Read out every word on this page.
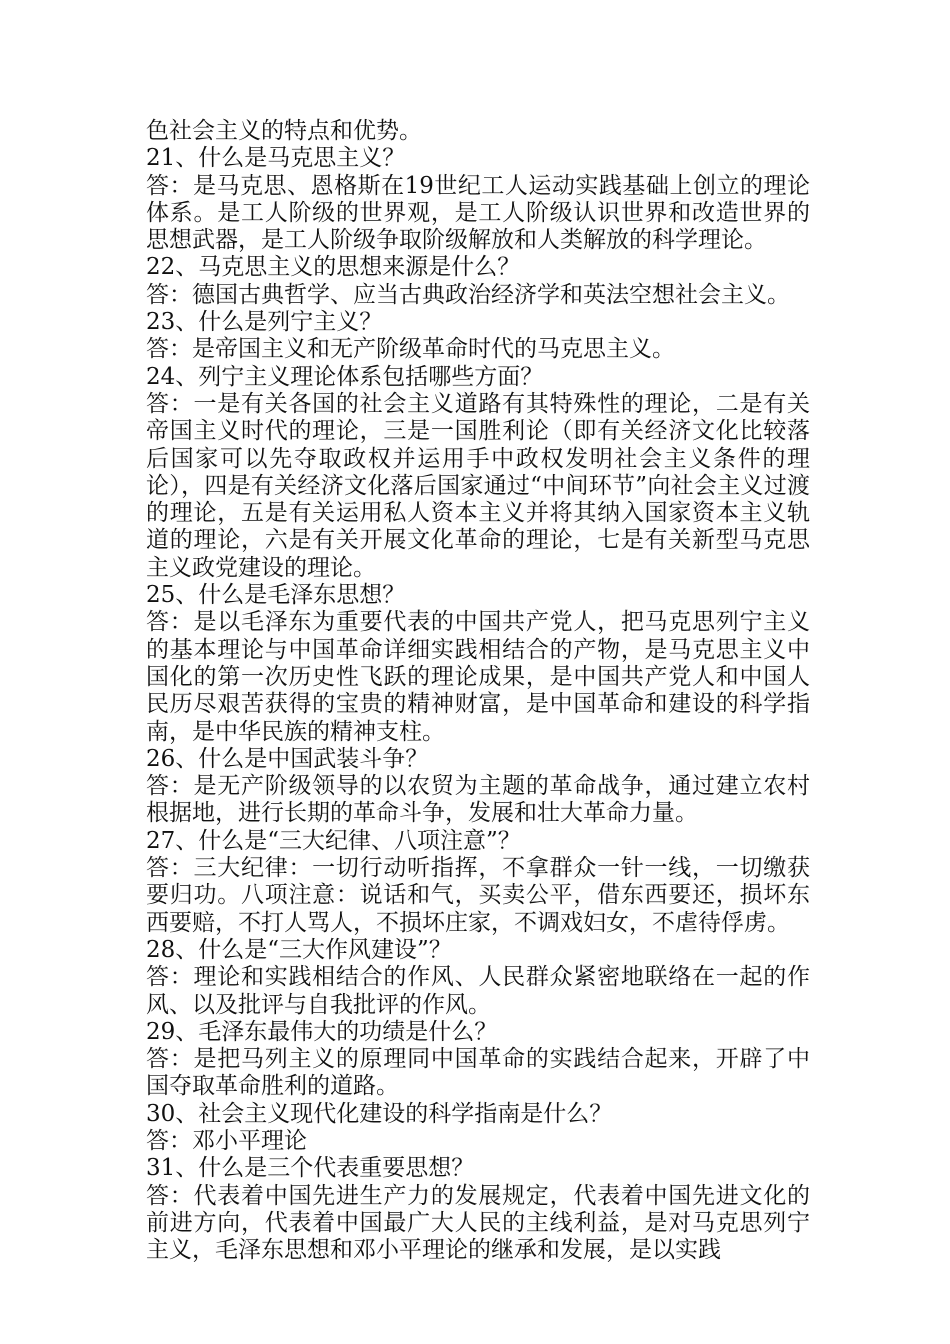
色社会主义的特点和优势。

21、什么是马克思主义？

答：是马克思、恩格斯在19世纪工人运动实践基础上创立的理论体系。是工人阶级的世界观，是工人阶级认识世界和改造世界的思想武器，是工人阶级争取阶级解放和人类解放的科学理论。

22、马克思主义的思想来源是什么？

答：德国古典哲学、应当古典政治经济学和英法空想社会主义。

23、什么是列宁主义？

答：是帝国主义和无产阶级革命时代的马克思主义。

24、列宁主义理论体系包括哪些方面？

答：一是有关各国的社会主义道路有其特殊性的理论，二是有关帝国主义时代的理论，三是一国胜利论（即有关经济文化比较落后国家可以先夺取政权并运用手中政权发明社会主义条件的理论），四是有关经济文化落后国家通过“中间环节”向社会主义过渡的理论，五是有关运用私人资本主义并将其纳入国家资本主义轨道的理论，六是有关开展文化革命的理论，七是有关新型马克思主义政党建设的理论。

25、什么是毛泽东思想？

答：是以毛泽东为重要代表的中国共产党人，把马克思列宁主义的基本理论与中国革命详细实践相结合的产物，是马克思主义中国化的第一次历史性飞跃的理论成果，是中国共产党人和中国人民历尽艰苦获得的宝贵的精神财富，是中国革命和建设的科学指南，是中华民族的精神支柱。

26、什么是中国武装斗争？

答：是无产阶级领导的以农贸为主题的革命战争，通过建立农村根据地，进行长期的革命斗争，发展和壮大革命力量。

27、什么是“三大纪律、八项注意”？

答：三大纪律：一切行动听指挥，不拿群众一针一线，一切缴获要归功。八项注意：说话和气，买卖公平，借东西要还，损坏东西要赔，不打人骂人，不损坏庄家，不调戏妇女，不虐待俘虏。

28、什么是“三大作风建设”？

答：理论和实践相结合的作风、人民群众紧密地联络在一起的作风、以及批评与自我批评的作风。

29、毛泽东最伟大的功绩是什么？

答：是把马列主义的原理同中国革命的实践结合起来，开辟了中国夺取革命胜利的道路。

30、社会主义现代化建设的科学指南是什么？

答：邓小平理论

31、什么是三个代表重要思想？

答：代表着中国先进生产力的发展规定，代表着中国先进文化的前进方向，代表着中国最广大人民的主线利益，是对马克思列宁主义，毛泽东思想和邓小平理论的继承和发展，是以实践
